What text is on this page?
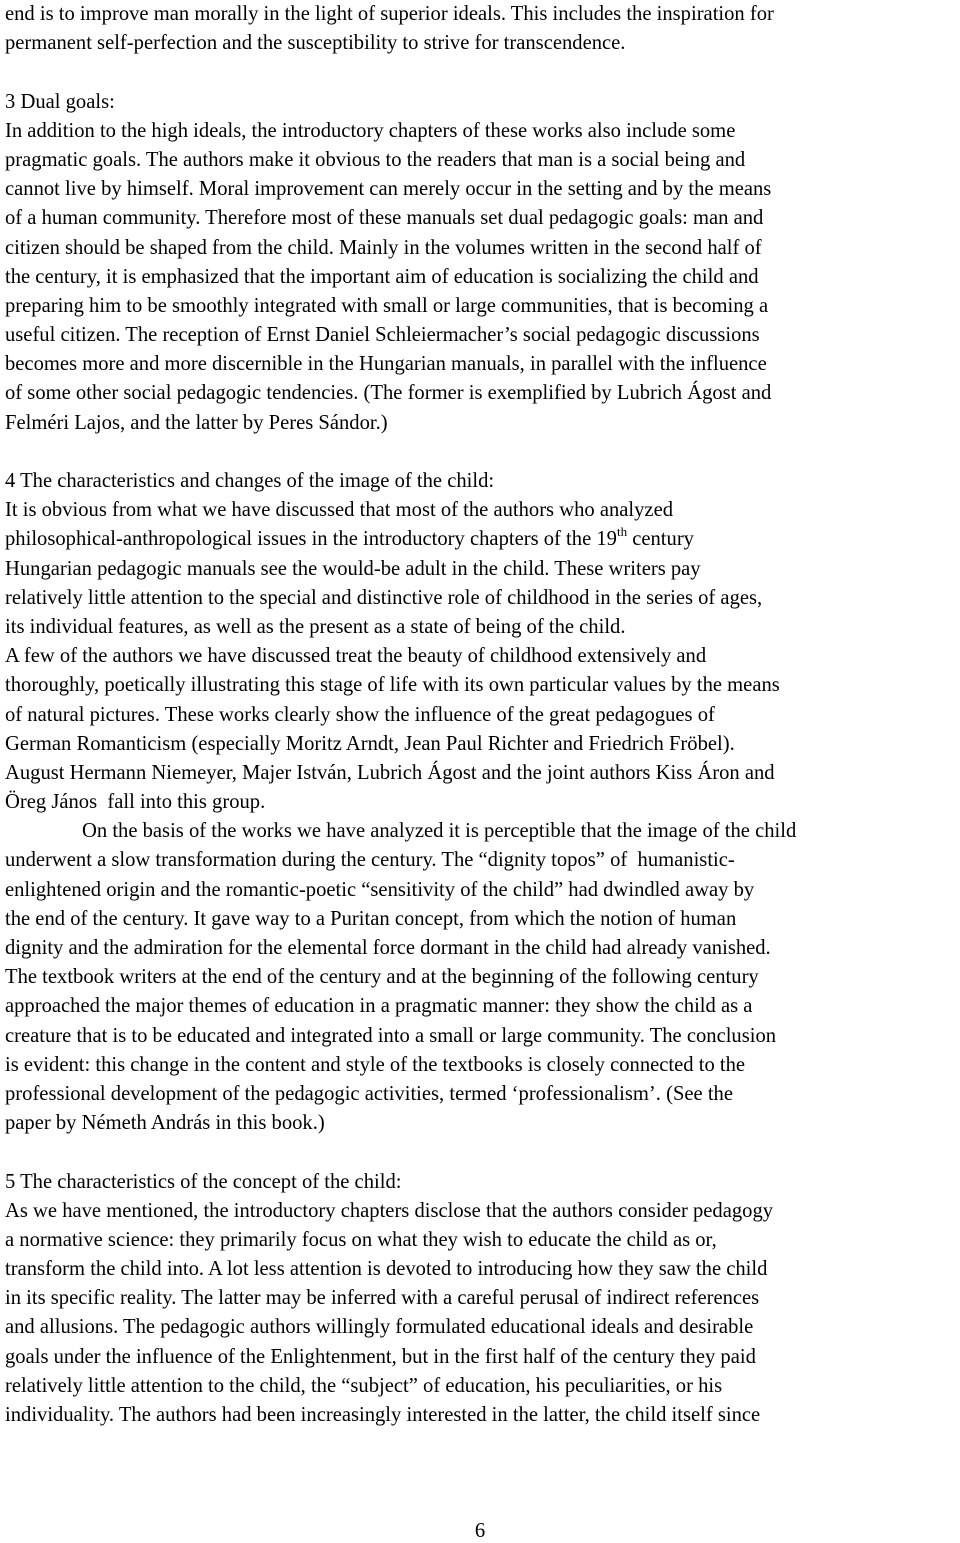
end is to improve man morally in the light of superior ideals. This includes the inspiration for
permanent self-perfection and the susceptibility to strive for transcendence.
3 Dual goals:
In addition to the high ideals, the introductory chapters of these works also include some
pragmatic goals. The authors make it obvious to the readers that man is a social being and
cannot live by himself. Moral improvement can merely occur in the setting and by the means
of a human community. Therefore most of these manuals set dual pedagogic goals: man and
citizen should be shaped from the child. Mainly in the volumes written in the second half of
the century, it is emphasized that the important aim of education is socializing the child and
preparing him to be smoothly integrated with small or large communities, that is becoming a
useful citizen. The reception of Ernst Daniel Schleiermacher’s social pedagogic discussions
becomes more and more discernible in the Hungarian manuals, in parallel with the influence
of some other social pedagogic tendencies. (The former is exemplified by Lubrich Ágost and
Felméri Lajos, and the latter by Peres Sándor.)
4 The characteristics and changes of the image of the child:
It is obvious from what we have discussed that most of the authors who analyzed
philosophical-anthropological issues in the introductory chapters of the 19th century
Hungarian pedagogic manuals see the would-be adult in the child. These writers pay
relatively little attention to the special and distinctive role of childhood in the series of ages,
its individual features, as well as the present as a state of being of the child.
A few of the authors we have discussed treat the beauty of childhood extensively and
thoroughly, poetically illustrating this stage of life with its own particular values by the means
of natural pictures. These works clearly show the influence of the great pedagogues of
German Romanticism (especially Moritz Arndt, Jean Paul Richter and Friedrich Fröbel).
August Hermann Niemeyer, Majer István, Lubrich Ágost and the joint authors Kiss Áron and
Öreg János  fall into this group.
On the basis of the works we have analyzed it is perceptible that the image of the child
underwent a slow transformation during the century. The “dignity topos” of  humanistic-
enlightened origin and the romantic-poetic “sensitivity of the child” had dwindled away by
the end of the century. It gave way to a Puritan concept, from which the notion of human
dignity and the admiration for the elemental force dormant in the child had already vanished.
The textbook writers at the end of the century and at the beginning of the following century
approached the major themes of education in a pragmatic manner: they show the child as a
creature that is to be educated and integrated into a small or large community. The conclusion
is evident: this change in the content and style of the textbooks is closely connected to the
professional development of the pedagogic activities, termed ‘professionalism’. (See the
paper by Németh András in this book.)
5 The characteristics of the concept of the child:
As we have mentioned, the introductory chapters disclose that the authors consider pedagogy
a normative science: they primarily focus on what they wish to educate the child as or,
transform the child into. A lot less attention is devoted to introducing how they saw the child
in its specific reality. The latter may be inferred with a careful perusal of indirect references
and allusions. The pedagogic authors willingly formulated educational ideals and desirable
goals under the influence of the Enlightenment, but in the first half of the century they paid
relatively little attention to the child, the “subject” of education, his peculiarities, or his
individuality. The authors had been increasingly interested in the latter, the child itself since
6
